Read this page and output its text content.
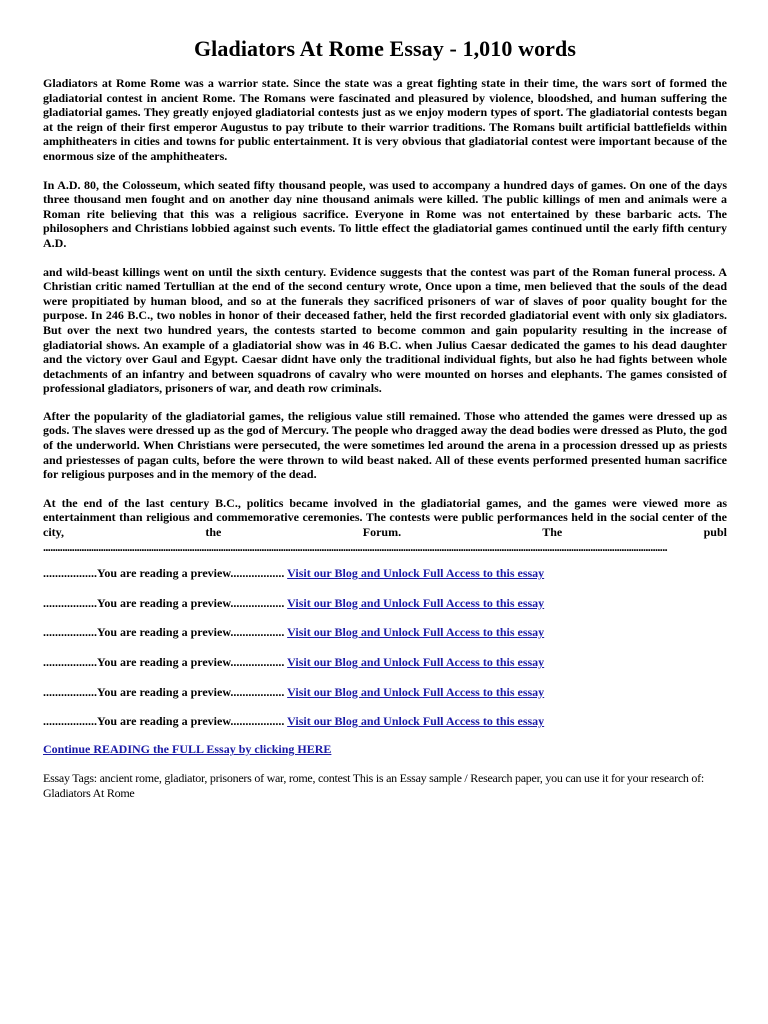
Gladiators At Rome Essay - 1,010 words

Gladiators at Rome Rome was a warrior state. Since the state was a great fighting state in their time, the wars sort of formed the gladiatorial contest in ancient Rome. The Romans were fascinated and pleasured by violence, bloodshed, and human suffering the gladiatorial games. They greatly enjoyed gladiatorial contests just as we enjoy modern types of sport. The gladiatorial contests began at the reign of their first emperor Augustus to pay tribute to their warrior traditions. The Romans built artificial battlefields within amphitheaters in cities and towns for public entertainment. It is very obvious that gladiatorial contest were important because of the enormous size of the amphitheaters.

In A.D. 80, the Colosseum, which seated fifty thousand people, was used to accompany a hundred days of games. On one of the days three thousand men fought and on another day nine thousand animals were killed. The public killings of men and animals were a Roman rite believing that this was a religious sacrifice. Everyone in Rome was not entertained by these barbaric acts. The philosophers and Christians lobbied against such events. To little effect the gladiatorial games continued until the early fifth century A.D.

and wild-beast killings went on until the sixth century. Evidence suggests that the contest was part of the Roman funeral process. A Christian critic named Tertullian at the end of the second century wrote, Once upon a time, men believed that the souls of the dead were propitiated by human blood, and so at the funerals they sacrificed prisoners of war of slaves of poor quality bought for the purpose. In 246 B.C., two nobles in honor of their deceased father, held the first recorded gladiatorial event with only six gladiators. But over the next two hundred years, the contests started to become common and gain popularity resulting in the increase of gladiatorial shows. An example of a gladiatorial show was in 46 B.C. when Julius Caesar dedicated the games to his dead daughter and the victory over Gaul and Egypt. Caesar didnt have only the traditional individual fights, but also he had fights between whole detachments of an infantry and between squadrons of cavalry who were mounted on horses and elephants. The games consisted of professional gladiators, prisoners of war, and death row criminals.

After the popularity of the gladiatorial games, the religious value still remained. Those who attended the games were dressed up as gods. The slaves were dressed up as the god of Mercury. The people who dragged away the dead bodies were dressed as Pluto, the god of the underworld. When Christians were persecuted, the were sometimes led around the arena in a procession dressed up as priests and priestesses of pagan cults, before the were thrown to wild beast naked. All of these events performed presented human sacrifice for religious purposes and in the memory of the dead.

At the end of the last century B.C., politics became involved in the gladiatorial games, and the games were viewed more as entertainment than religious and commemorative ceremonies. The contests were public performances held in the social center of the city, the Forum. The publ

....................................................................................................................................................................................................................................................................

..................You are reading a preview.................. Visit our Blog and Unlock Full Access to this essay

..................You are reading a preview.................. Visit our Blog and Unlock Full Access to this essay

..................You are reading a preview.................. Visit our Blog and Unlock Full Access to this essay

..................You are reading a preview.................. Visit our Blog and Unlock Full Access to this essay

..................You are reading a preview.................. Visit our Blog and Unlock Full Access to this essay

..................You are reading a preview.................. Visit our Blog and Unlock Full Access to this essay

Continue READING the FULL Essay by clicking HERE

Essay Tags: ancient rome, gladiator, prisoners of war, rome, contest This is an Essay sample / Research paper, you can use it for your research of: Gladiators At Rome
